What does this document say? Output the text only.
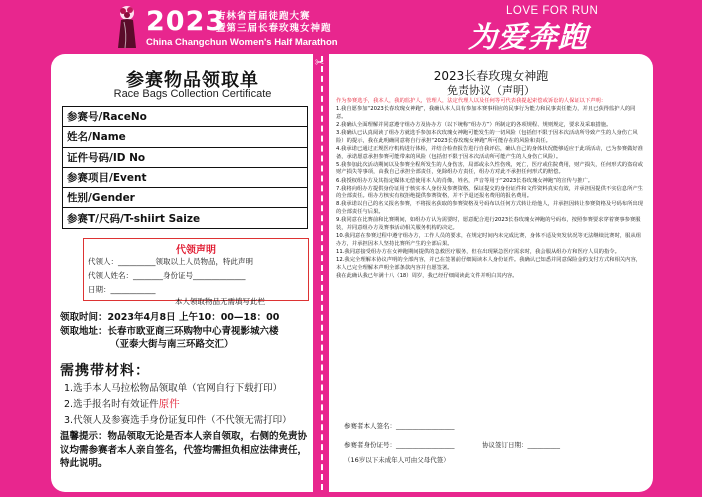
2023
吉林省首届徒跑大赛
暨第三届长春玫瑰女神跑
China Changchun Women's Half Marathon
LOVE FOR RUN
为爱奔跑
✂
参赛物品领取单
Race Bags Collection Certificate
参赛号/RaceNo
姓名/Name
证件号码/ID No
参赛项目/Event
性别/Gender
参赛T/尺码/T-shiirt Saize
代领声明
代领人：__________领取以上人员物品，特此声明
代领人姓名：________身份证号______________
日期：____________
本人领取物品无需填写此栏
领取时间：2023年4月8日 上午10：00—18：00
领取地址：长春市欧亚商三环购物中心青视影城六楼
（亚泰大街与南三环路交汇）
需携带材料：
1.选手本人马拉松物品领取单（官网自行下载打印）
2.选手报名时有效证件原件
3.代领人及参赛选手身份证复印件（不代领无需打印）
温馨提示：物品领取无论是否本人亲自领取，右侧的免责协议均需参赛者本人亲自签名，代签均需担负相应法律责任，特此说明。
2023长春玫瑰女神跑
免责协议（声明）

作为参赛选手，我本人，我的监护人，管理人，法定代理人以及任何等可代表我提起索偿或诉讼的人保证以下声明：

1.我自愿参加“2023长春玫瑰女神跑”，我确认本人具有参加本赛事相应的民事行为能力和民事责任能力，并且已获得监护人的同意。

2.我确认全面理解并同意遵守组办方及协办方（以下统称“组办方”）所制定的各项规程、规则规定，要求及采取措施。

3.我确认已认真阅读了组办方就选手参加本次玫瑰女神跑可能发生的一切风险（包括但不限于因本次活动所导致产生的人身伤亡风险）的提示，我在此明确同意将自行承担“2023长春玫瑰女神跑”所可能存在的风险和责任。

4.我承诺已通过正规医疗机构进行体检，并结合检查报告进行自我评估，确认自己的身体状况能够适应于此项活动，已为参赛做好准备，承诺愿意承担参赛可能带来的风险（包括但不限于因本次活动所可能产生的人身伤亡风险）。

5.我参加此次活动期间以及参赛全程所发生的人身伤害，局部或永久性伤残，死亡，医疗或住院费用，财产损失，任何形式的盗窃或财产损失等事项，由我自己承担全部责任，免除组办方责任，组办方对此不承担任何形式的赔偿。

6.我授权组办方及其指定媒体无偿使用本人的肖像，姓名，声音等用于“2023长春玫瑰女神跑”的宣传与推广。

7.我将向组办方提供身份证用于核实本人身份及参赛资格，保证提交的身份证件和文件资料真实有效，并承担因提供不实信息所产生的全部责任。组办方核实有权拒绝提供参赛资格，并不予退还报名费用的报名费用。

8.我承诺以自己的名义报名参赛，不将报名获取的参赛资格及号码布以任何方式转让给他人，并承担因转让参赛资格及号码布所出现的全部责任与后果。

9.我同意在比赛前和比赛期间，如组办方认为需要时，愿意配合进行2023长春玫瑰女神跑的号码布，按照参赛要求穿着赛事参赛服装，并同意组办方及赛事活动相关服务机构的决定。

10.我同意在参赛过程中遵守组办方，工作人员的要求，在规定时间内未完成比赛，身体不适及突发状况等无法继续比赛时，服从组办方，并承担因本人坚持比赛所产生的全部后果。

11.我同意接受组办方在女神跑期间提供的急救医疗服务，但在出现紧急医疗需求时，我会服从组办方和医疗人员的指令。

12.我完全理解本协议声明的全部内容，并已在签署前仔细阅读本人身份证件。我确认已知悉并同意保险金的支付方式和相关内容，本人已完全理解本声明全部条款内容并自愿签署。

我在此确认我已年满十八（18）周岁，我已经仔细阅读此文件并明白其内容。

参赛者本人签名：__________________
参赛者身份证号：__________________	协议签订日期：__________
（16岁以下未成年人可由父母代签）
